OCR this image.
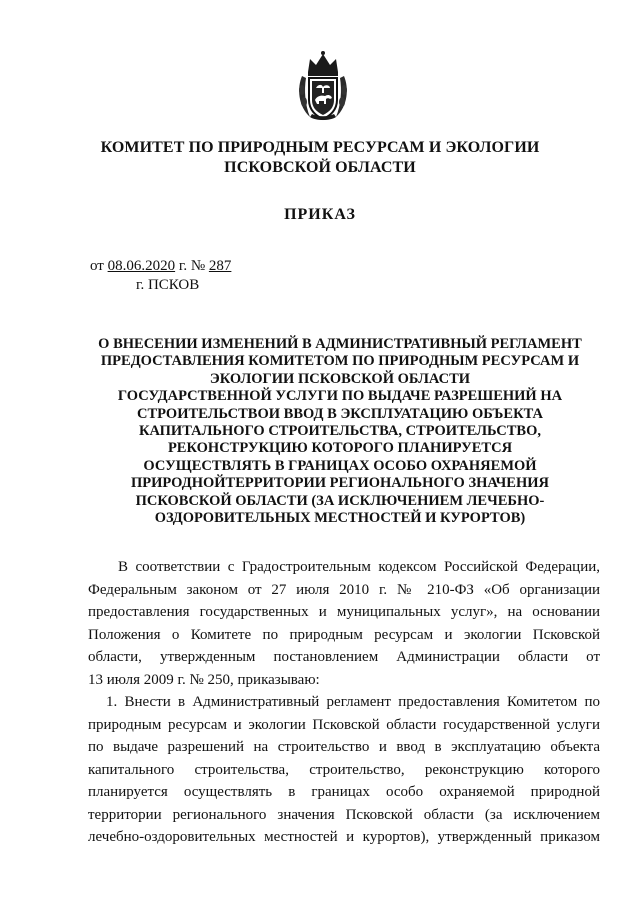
КОМИТЕТ ПО ПРИРОДНЫМ РЕСУРСАМ И ЭКОЛОГИИ
ПСКОВСКОЙ ОБЛАСТИ
ПРИКАЗ
от 08.06.2020 г. № 287
г. ПСКОВ
О ВНЕСЕНИИ ИЗМЕНЕНИЙ В АДМИНИСТРАТИВНЫЙ РЕГЛАМЕНТ
ПРЕДОСТАВЛЕНИЯ КОМИТЕТОМ ПО ПРИРОДНЫМ РЕСУРСАМ И
ЭКОЛОГИИ ПСКОВСКОЙ ОБЛАСТИ
ГОСУДАРСТВЕННОЙ УСЛУГИ ПО ВЫДАЧЕ РАЗРЕШЕНИЙ НА
СТРОИТЕЛЬСТВОИ ВВОД В ЭКСПЛУАТАЦИЮ ОБЪЕКТА
КАПИТАЛЬНОГО СТРОИТЕЛЬСТВА, СТРОИТЕЛЬСТВО,
РЕКОНСТРУКЦИЮ КОТОРОГО ПЛАНИРУЕТСЯ
ОСУЩЕСТВЛЯТЬ В ГРАНИЦАХ ОСОБО ОХРАНЯЕМОЙ
ПРИРОДНОЙТЕРРИТОРИИ РЕГИОНАЛЬНОГО ЗНАЧЕНИЯ
ПСКОВСКОЙ ОБЛАСТИ (ЗА ИСКЛЮЧЕНИЕМ ЛЕЧЕБНО-
ОЗДОРОВИТЕЛЬНЫХ МЕСТНОСТЕЙ И КУРОРТОВ)
В соответствии с Градостроительным кодексом Российской Федерации,
Федеральным законом от 27 июля 2010 г. № 210-ФЗ «Об организации
предоставления государственных и муниципальных услуг», на основании
Положения о Комитете по природным ресурсам и экологии Псковской
области, утвержденным постановлением Администрации области от
13 июля 2009 г. № 250, приказываю:
1. Внести в Административный регламент предоставления Комитетом по
природным ресурсам и экологии Псковской области государственной услуги
по выдаче разрешений на строительство и ввод в эксплуатацию объекта
капитального строительства, строительство, реконструкцию которого
планируется осуществлять в границах особо охраняемой природной
территории регионального значения Псковской области (за исключением
лечебно-оздоровительных местностей и курортов), утвержденный приказом
